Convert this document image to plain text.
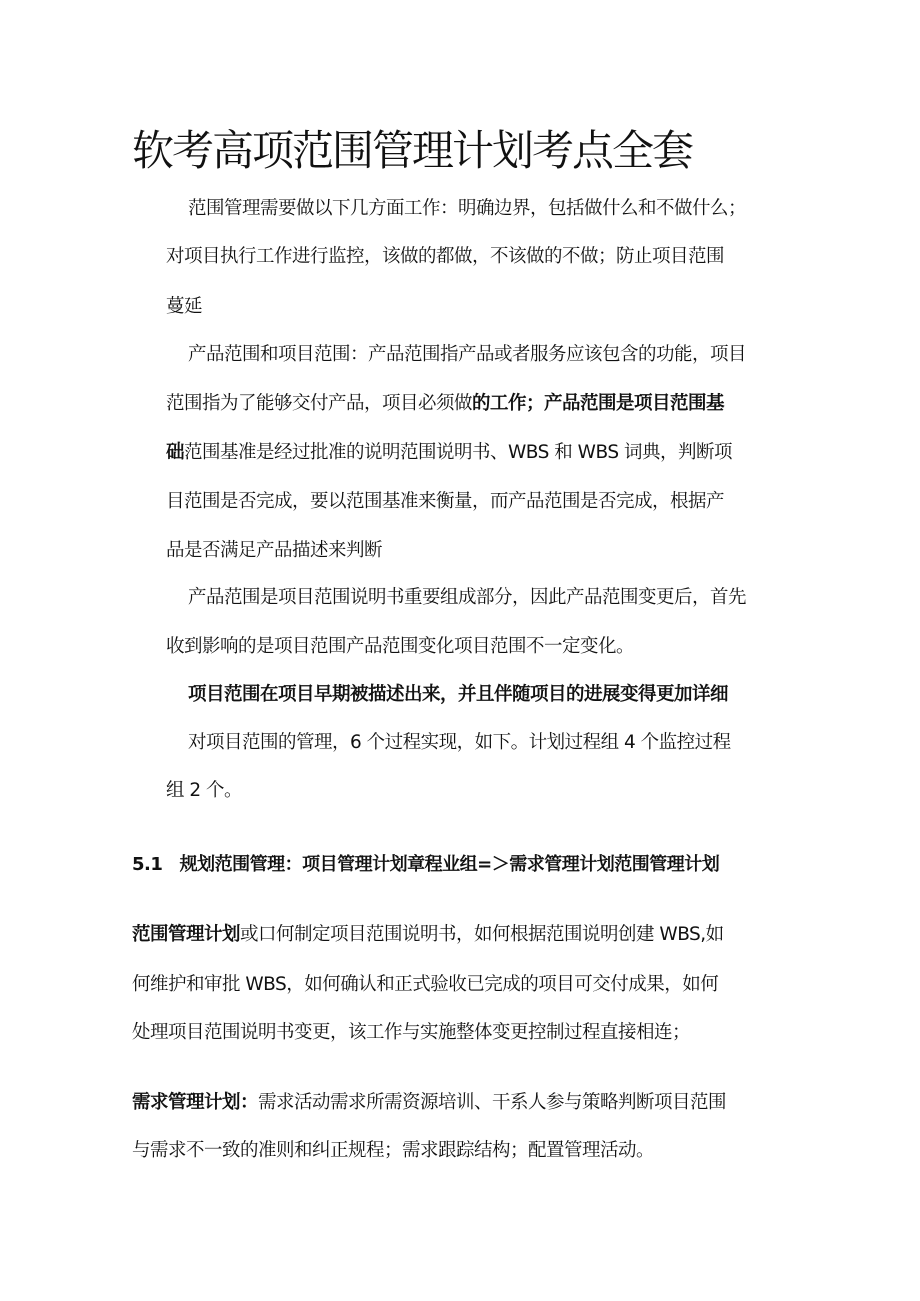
软考高项范围管理计划考点全套
范围管理需要做以下几方面工作：明确边界，包括做什么和不做什么；
对项目执行工作进行监控，该做的都做，不该做的不做；防止项目范围
蔓延
产品范围和项目范围：产品范围指产品或者服务应该包含的功能，项目
范围指为了能够交付产品，项目必须做的工作；产品范围是项目范围基
础范围基准是经过批准的说明范围说明书、WBS 和 WBS 词典，判断项
目范围是否完成，要以范围基准来衡量，而产品范围是否完成，根据产
品是否满足产品描述来判断
产品范围是项目范围说明书重要组成部分，因此产品范围变更后，首先
收到影响的是项目范围产品范围变化项目范围不一定变化。
项目范围在项目早期被描述出来，并且伴随项目的进展变得更加详细
对项目范围的管理，6 个过程实现，如下。计划过程组 4 个监控过程
组 2 个。
5.1   规划范围管理：项目管理计划章程业组=＞需求管理计划范围管理计划
范围管理计划或口何制定项目范围说明书，如何根据范围说明创建 WBS,如
何维护和审批 WBS，如何确认和正式验收已完成的项目可交付成果，如何
处理项目范围说明书变更，该工作与实施整体变更控制过程直接相连；
需求管理计划：需求活动需求所需资源培训、干系人参与策略判断项目范围
与需求不一致的准则和纠正规程；需求跟踪结构；配置管理活动。
